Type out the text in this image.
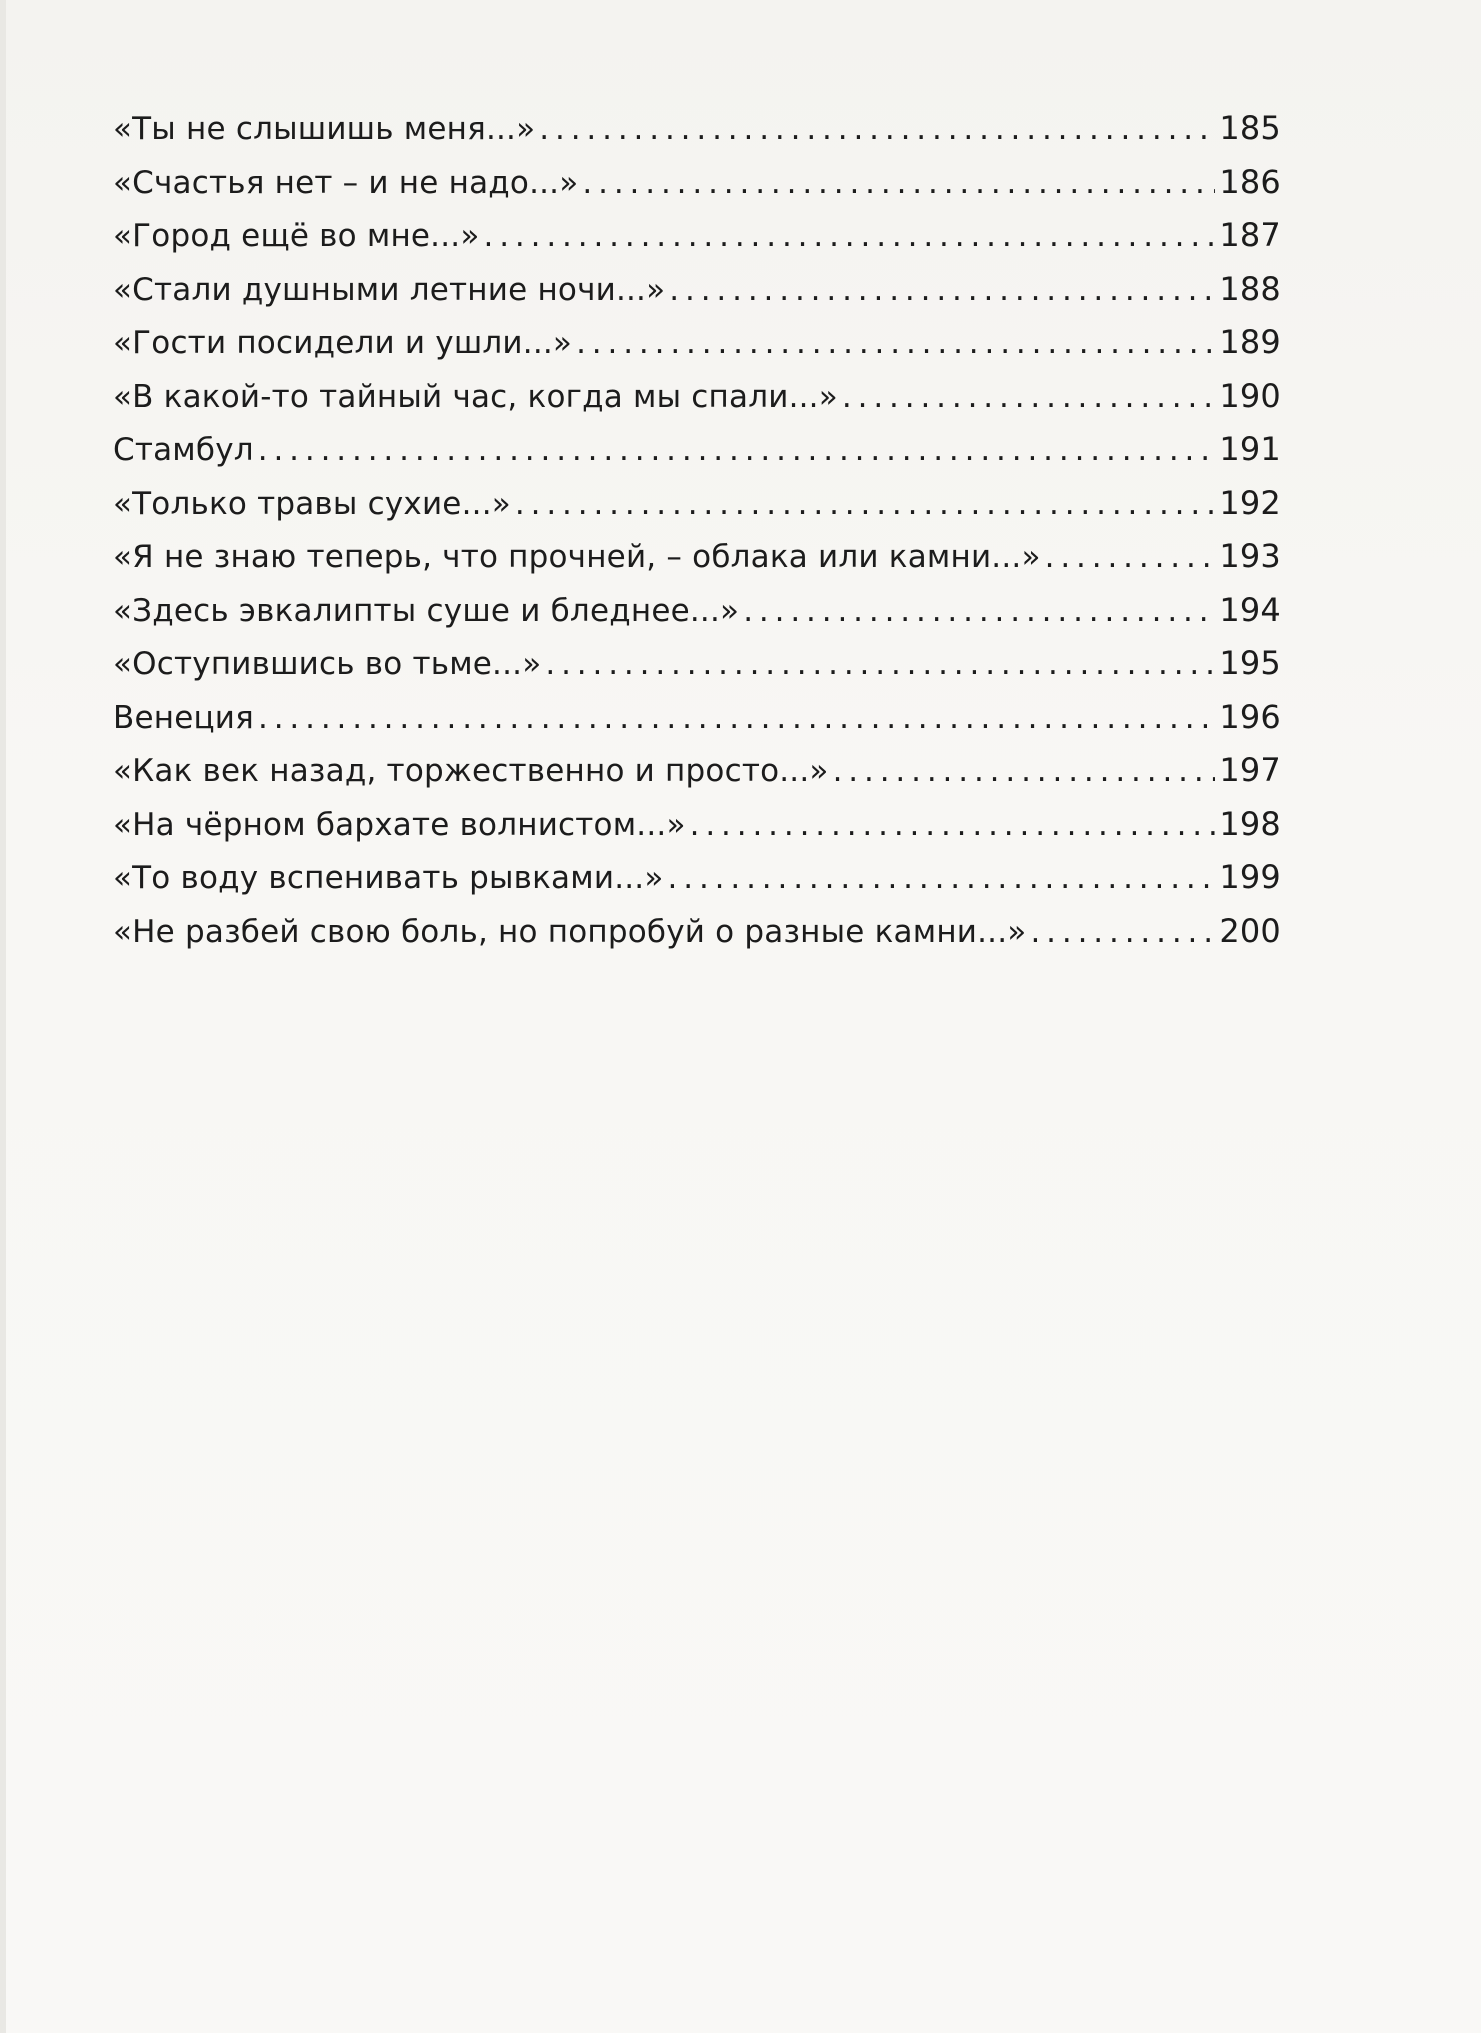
«Ты не слышишь меня...» . . .	185
«Счастья нет – и не надо...» . . .	186
«Город ещё во мне...» . . .	187
«Стали душными летние ночи...» . . .	188
«Гости посидели и ушли...» . . .	189
«В какой-то тайный час, когда мы спали...» . . .	190
Стамбул . . .	191
«Только травы сухие...» . . .	192
«Я не знаю теперь, что прочней, – облака или камни...» . . .	193
«Здесь эвкалипты суше и бледнее...» . . .	194
«Оступившись во тьме...» . . .	195
Венеция . . .	196
«Как век назад, торжественно и просто...» . . .	197
«На чёрном бархате волнистом...» . . .	198
«То воду вспенивать рывками...» . . .	199
«Не разбей свою боль, но попробуй о разные камни...» . . .	200
